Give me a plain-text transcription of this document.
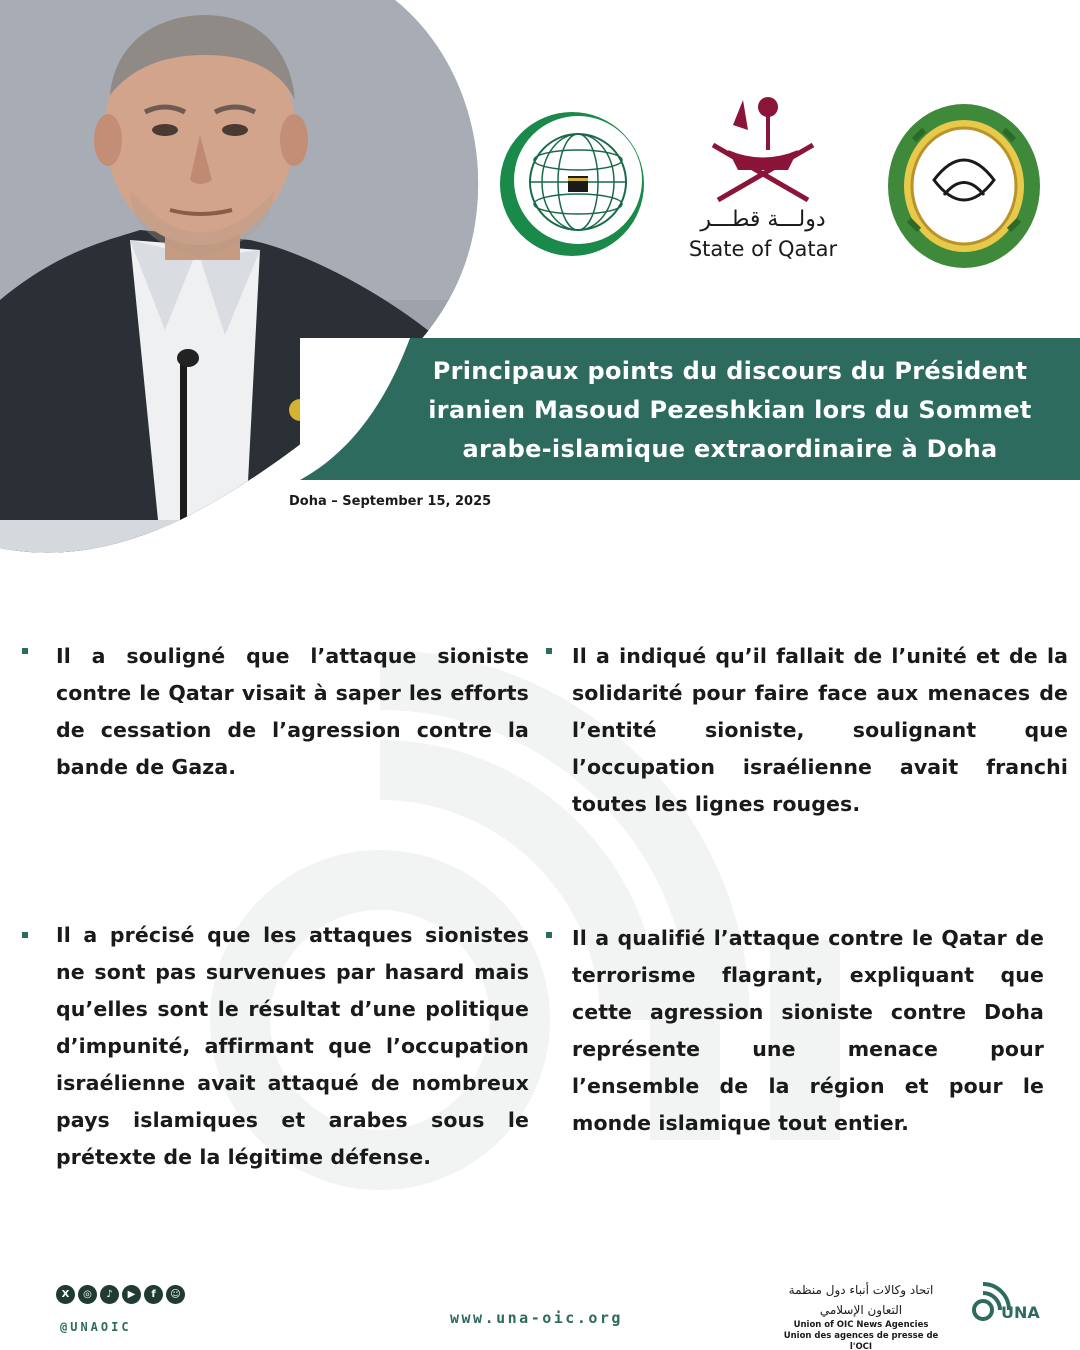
دولـــة قطـــر
State of Qatar
Principaux points du discours du Président
iranien Masoud Pezeshkian lors du Sommet
arabe-islamique extraordinaire à Doha
Doha – September 15, 2025

Il a souligné que l’attaque sioniste contre le Qatar visait à saper les efforts de cessation de l’agression contre la bande de Gaza.

Il a indiqué qu’il fallait de l’unité et de la solidarité pour faire face aux menaces de l’entité sioniste, soulignant que l’occupation israélienne avait franchi toutes les lignes rouges.

Il a précisé que les attaques sionistes ne sont pas survenues par hasard mais qu’elles sont le résultat d’une politique d’impunité, affirmant que l’occupation israélienne avait attaqué de nombreux pays islamiques et arabes sous le prétexte de la légitime défense.

Il a qualifié l’attaque contre le Qatar de terrorisme flagrant, expliquant que cette agression sioniste contre Doha représente une menace pour l’ensemble de la région et pour le monde islamique tout entier.

X	◎	♪	▶	f	☺
@UNAOIC	www.una-oic.org
اتحاد وكالات أنباء دول منظمة التعاون الإسلامي
Union of OIC News Agencies
Union des agences de presse de l'OCI
UNA
